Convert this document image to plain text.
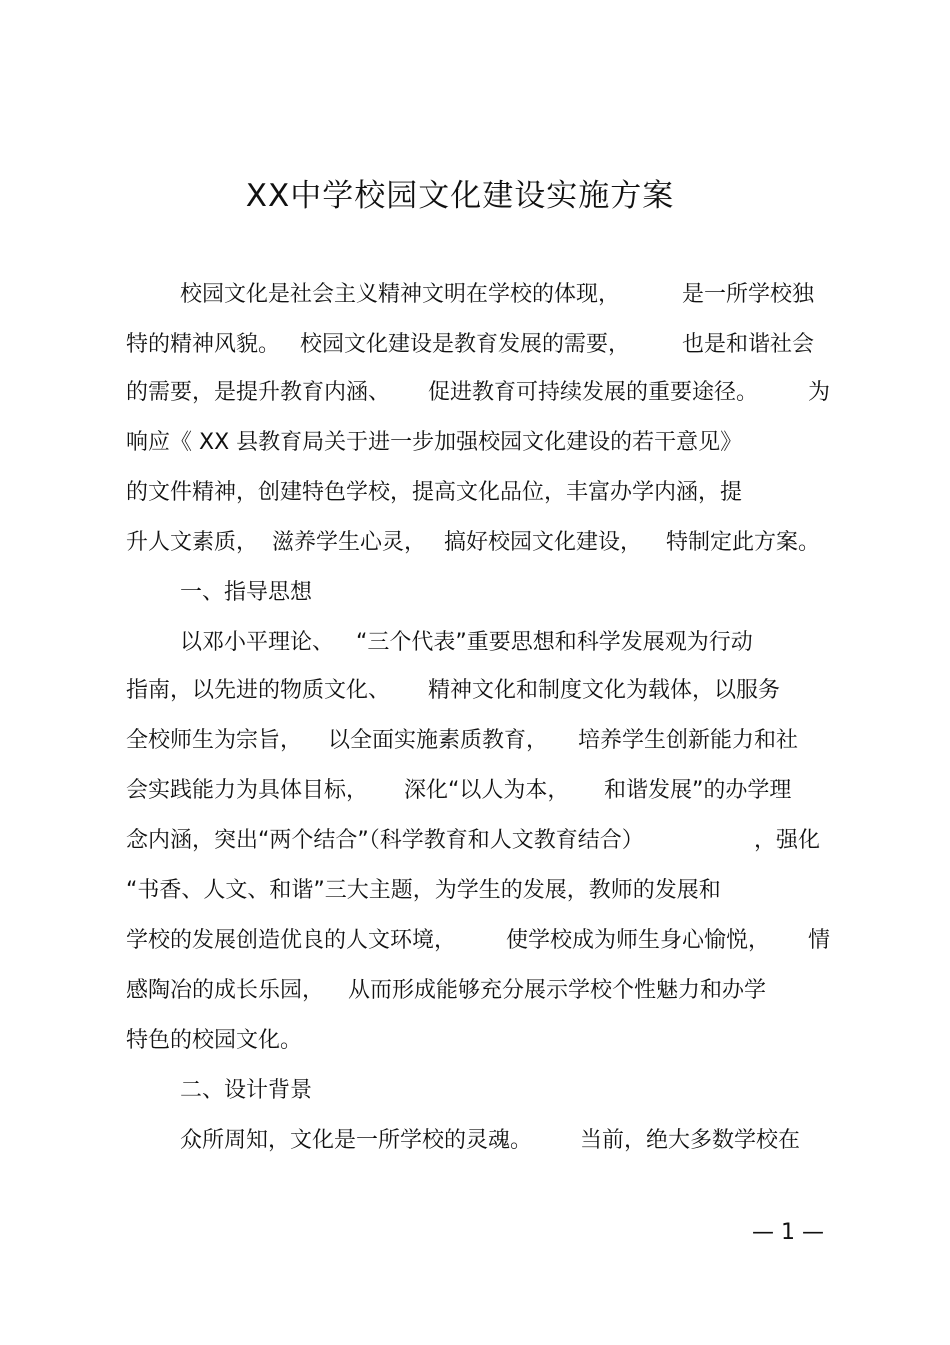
XX中学校园文化建设实施方案
校园文化是社会主义精神文明在学校的体现，	是一所学校独
特的精神风貌。 校园文化建设是教育发展的需要， 也是和谐社会
的需要，是提升教育内涵、 促进教育可持续发展的重要途径。 为
响应《 XX 县教育局关于进一步加强校园文化建设的若干意见》
的文件精神，创建特色学校，提高文化品位，丰富办学内涵，提
升人文素质， 滋养学生心灵， 搞好校园文化建设， 特制定此方案。
一、指导思想
以邓小平理论、 “三个代表”重要思想和科学发展观为行动
指南，以先进的物质文化、 精神文化和制度文化为载体，以服务
全校师生为宗旨， 以全面实施素质教育， 培养学生创新能力和社
会实践能力为具体目标， 深化“以人为本， 和谐发展”的办学理
念内涵，突出“两个结合”（科学教育和人文教育结合）	，强化
“书香、人文、和谐”三大主题，为学生的发展，教师的发展和
学校的发展创造优良的人文环境， 使学校成为师生身心愉悦， 情
感陶冶的成长乐园， 从而形成能够充分展示学校个性魅力和办学
特色的校园文化。
二、设计背景
众所周知，文化是一所学校的灵魂。 当前，绝大多数学校在
— 1 —
